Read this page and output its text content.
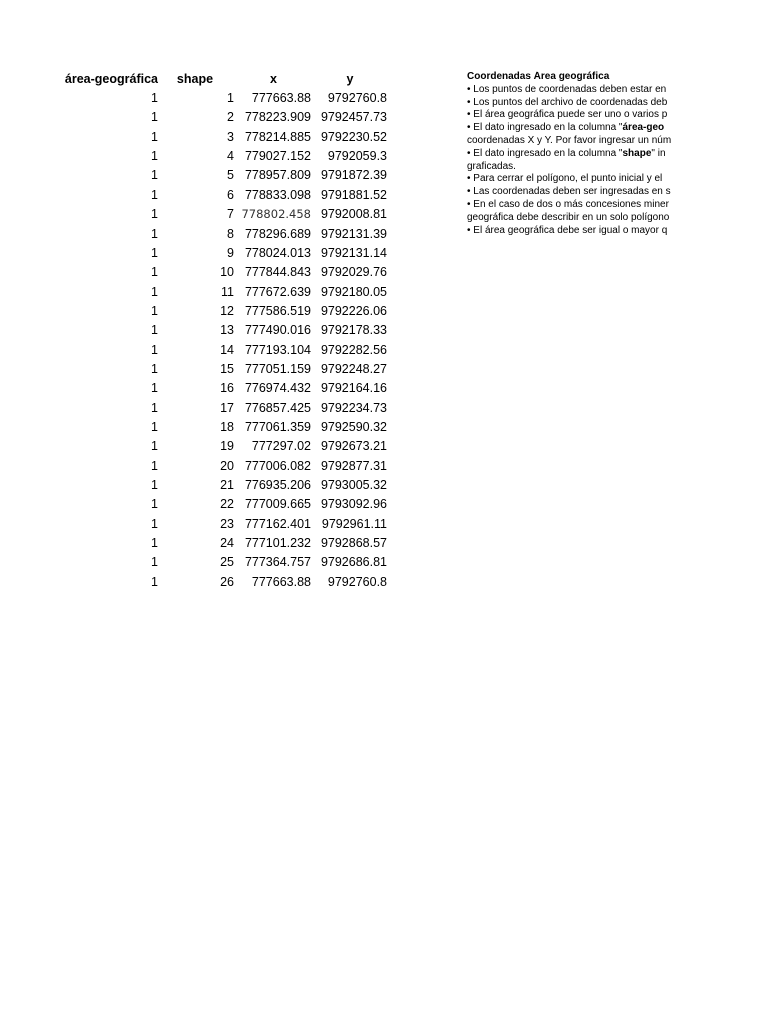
área-geográfica	shape	x	y
1	1	777663.88	9792760.8
1	2 778223.909 9792457.73
1	3 778214.885 9792230.52
1	4 779027.152	9792059.3
1	5 778957.809 9791872.39
1	6 778833.098 9791881.52
1	7 778802.458 9792008.81
1	8 778296.689 9792131.39
1	9 778024.013 9792131.14
1	10 777844.843 9792029.76
1	11 777672.639 9792180.05
1	12 777586.519 9792226.06
1	13 777490.016 9792178.33
1	14 777193.104 9792282.56
1	15 777051.159 9792248.27
1	16 776974.432 9792164.16
1	17 776857.425 9792234.73
1	18 777061.359 9792590.32
1	19	777297.02 9792673.21
1	20 777006.082 9792877.31
1	21 776935.206 9793005.32
1	22 777009.665 9793092.96
1	23 777162.401 9792961.11
1	24 777101.232 9792868.57
1	25 777364.757 9792686.81
1	26	777663.88	9792760.8
Coordenadas Área geográfica
• Los puntos de coordenadas deben estar en
• Los puntos del archivo de coordenadas deb
• El área geográfica puede ser uno o varios p
• El dato ingresado en la columna "área-geo
coordenadas X y Y. Por favor ingresar un núm
• El dato ingresado en la columna "shape" in
graficadas.
• Para cerrar el polígono, el punto inicial y el
• Las coordenadas deben ser ingresadas en s
• En el caso de dos o más concesiones miner
geográfica debe describir en un solo polígono
• El área geográfica debe ser igual o mayor q
